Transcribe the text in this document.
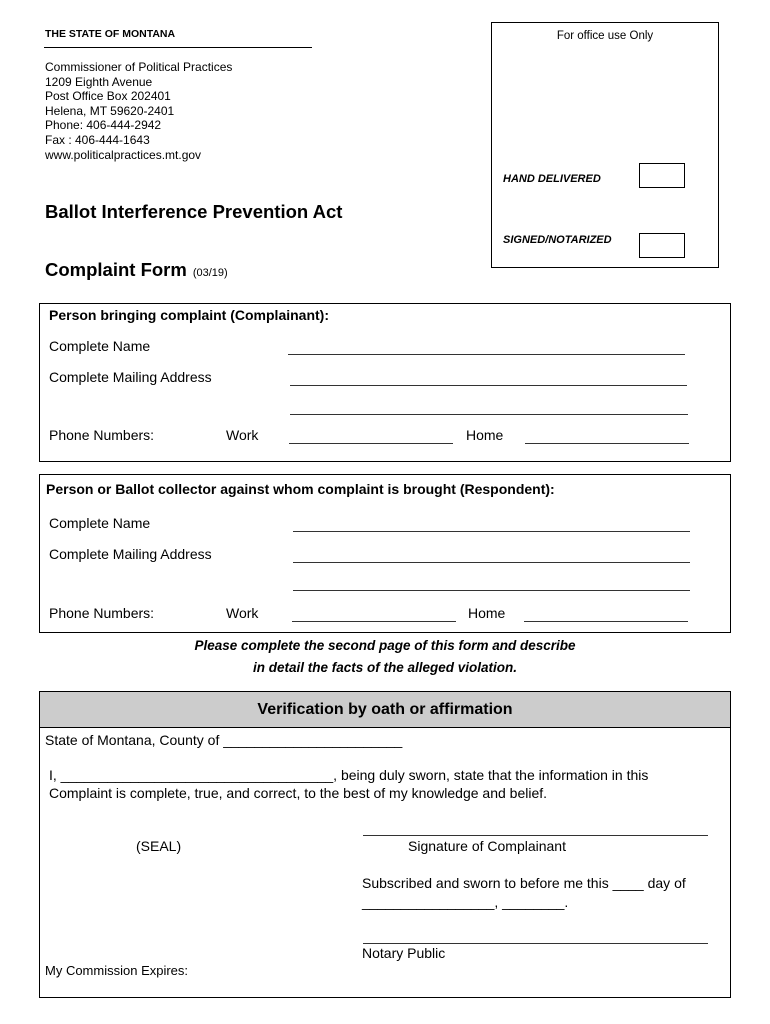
THE STATE OF MONTANA
Commissioner of Political Practices
1209 Eighth Avenue
Post Office Box 202401
Helena, MT 59620-2401
Phone: 406-444-2942
Fax : 406-444-1643
www.politicalpractices.mt.gov
For office use Only
HAND DELIVERED
SIGNED/NOTARIZED
Ballot Interference Prevention Act
Complaint Form (03/19)
Person bringing complaint (Complainant):
Complete Name
Complete Mailing Address
Phone Numbers:	Work	Home
Person or Ballot collector against whom complaint is brought (Respondent):
Complete Name
Complete Mailing Address
Phone Numbers:	Work	Home
Please complete the second page of this form and describe
in detail the facts of the alleged violation.
Verification by oath or affirmation
State of Montana, County of _______________________
I, ___________________________________, being duly sworn, state that the information in this
Complaint is complete, true, and correct, to the best of my knowledge and belief.
(SEAL)	Signature of Complainant
Subscribed and sworn to before me this ____ day of
_________________, ________.
Notary Public
My Commission Expires:
